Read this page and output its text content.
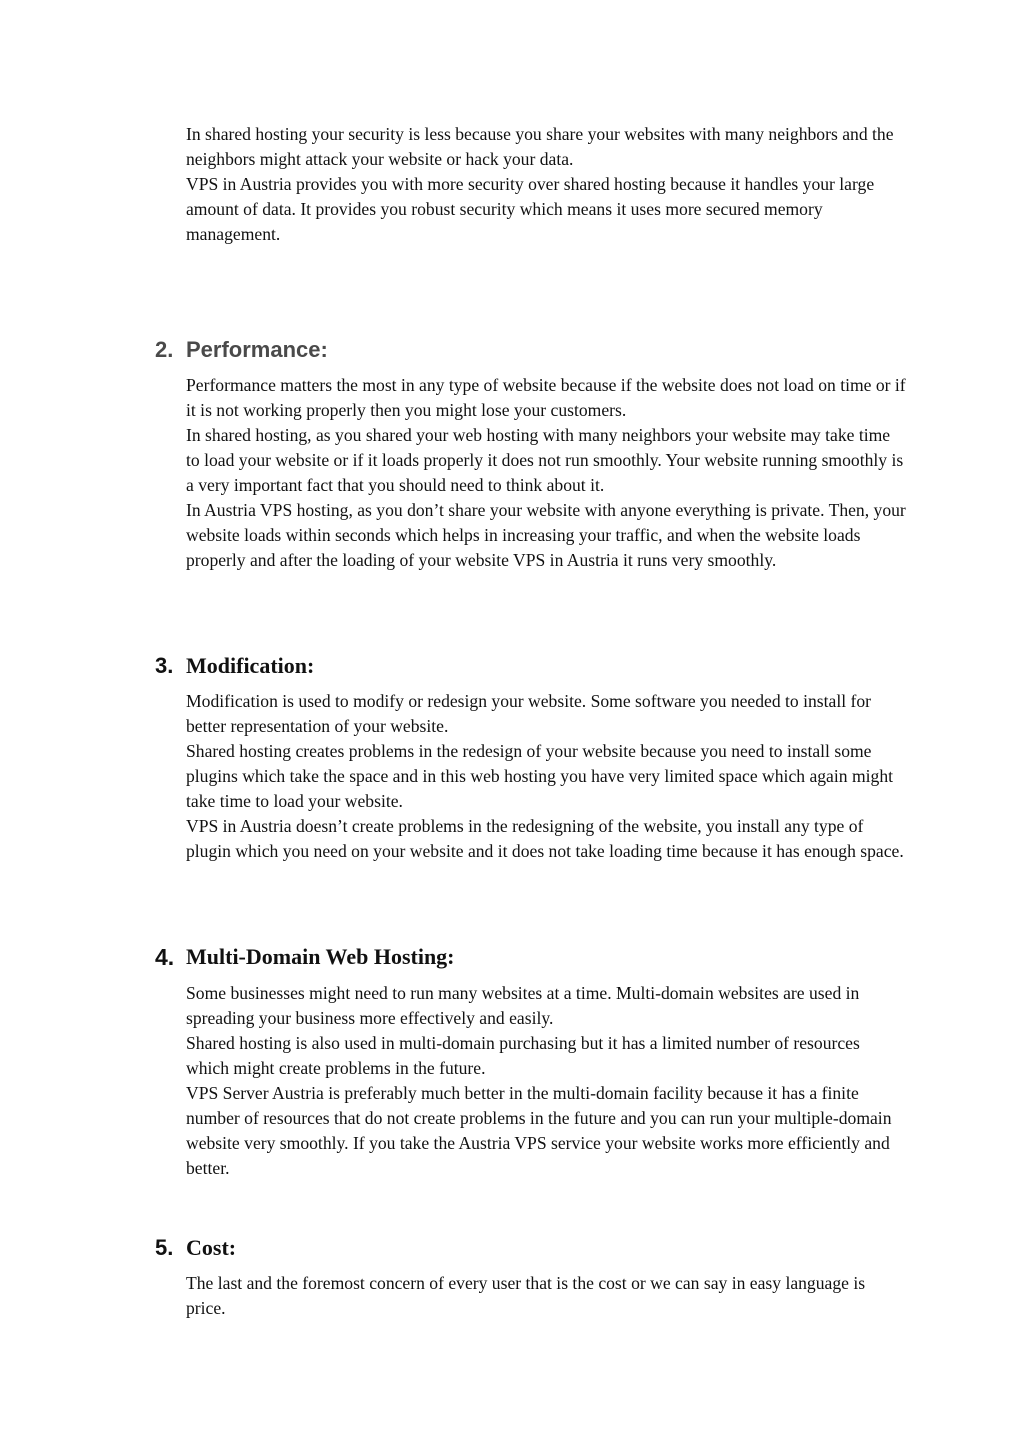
In shared hosting your security is less because you share your websites with many neighbors and the neighbors might attack your website or hack your data.

VPS in Austria provides you with more security over shared hosting because it handles your large amount of data. It provides you robust security which means it uses more secured memory management.

2. Performance:

Performance matters the most in any type of website because if the website does not load on time or if it is not working properly then you might lose your customers.

In shared hosting, as you shared your web hosting with many neighbors your website may take time to load your website or if it loads properly it does not run smoothly. Your website running smoothly is a very important fact that you should need to think about it.

In Austria VPS hosting, as you don’t share your website with anyone everything is private. Then, your website loads within seconds which helps in increasing your traffic, and when the website loads properly and after the loading of your website VPS in Austria it runs very smoothly.

3. Modification:

Modification is used to modify or redesign your website. Some software you needed to install for better representation of your website.

Shared hosting creates problems in the redesign of your website because you need to install some plugins which take the space and in this web hosting you have very limited space which again might take time to load your website.

VPS in Austria doesn’t create problems in the redesigning of the website, you install any type of plugin which you need on your website and it does not take loading time because it has enough space.

4. Multi-Domain Web Hosting:

Some businesses might need to run many websites at a time. Multi-domain websites are used in spreading your business more effectively and easily.

Shared hosting is also used in multi-domain purchasing but it has a limited number of resources which might create problems in the future.

VPS Server Austria is preferably much better in the multi-domain facility because it has a finite number of resources that do not create problems in the future and you can run your multiple-domain website very smoothly. If you take the Austria VPS service your website works more efficiently and better.

5. Cost:

The last and the foremost concern of every user that is the cost or we can say in easy language is price.
